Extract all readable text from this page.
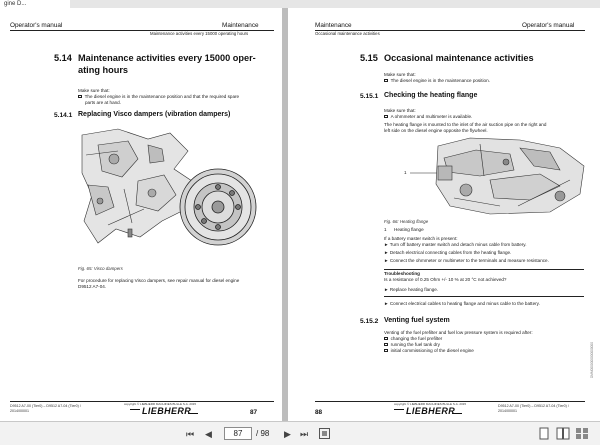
gine D...
Operator's manual	Maintenance
Maintenance activities every 15000 operating hours
5.14 Maintenance activities every 15000 oper-
ating hours
Make sure that:
The diesel engine is in the maintenance position and that the required spare
parts are at hand.
5.14.1 Replacing Visco dampers (vibration dampers)
Fig. 65: Visco dampers
For procedure for replacing Visco dampers, see repair manual for diesel engine
D9512 A7-04.
D9512 A7-00 (Tier0) – D9512 A7-04 (Tier0) /
2014/00001
copyright © LIEBHERR MACHINES BULLE S.A. 2015
LIEBHERR	87
Maintenance	Operator's manual
Occasional maintenance activities
5.15 Occasional maintenance activities
Make sure that:
The diesel engine is in the maintenance position.
5.15.1 Checking the heating flange
Make sure that:
A ohmmeter and multimeter is available.
The heating flange is mounted to the inlet of the air suction pipe on the right and
left side on the diesel engine opposite the flywheel.
1
Fig. 66: Heating flange
1 Heating flange
If a battery master switch is present:
► Turn off battery master switch and detach minus cable from battery.
► Detach electrical connecting cables from the heating flange.
► Connect the ohmmeter or multimeter to the terminals and measure resistance.
Troubleshooting
Is a resistance of 0.25 Ohm +/- 10 % at 20 °C not achieved?
► Replace heating flange.
► Connect electrical cables to heating flange and minus cable to the battery.
5.15.2 Venting fuel system
Venting of the fuel prefilter and fuel low pressure system is required after:
changing the fuel prefilter
running the fuel tank dry
initial commissioning of the diesel engine	DMM0000000000000000
88
copyright © LIEBHERR MACHINES BULLE S.A. 2015
LIEBHERR	D9512 A7-00 (Tier0) – D9512 A7-04 (Tier0) /
2014/00001
⏮ ◀	87	/ 98 ▶ ⏭
